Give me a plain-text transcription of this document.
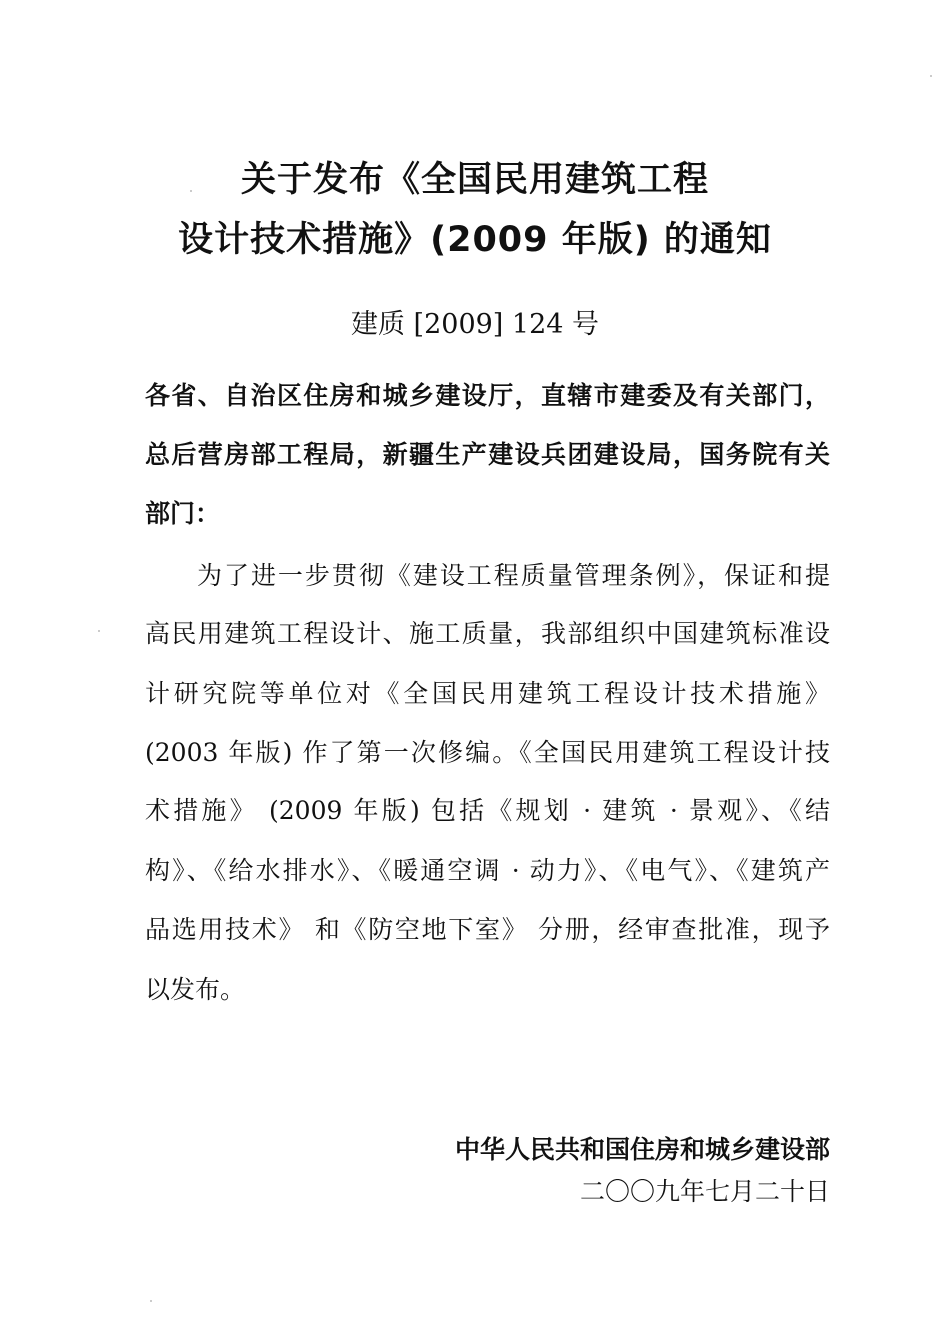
关于发布《全国民用建筑工程
设计技术措施》(2009 年版) 的通知
建质 [2009] 124 号
各省、自治区住房和城乡建设厅，直辖市建委及有关部门，
总后营房部工程局，新疆生产建设兵团建设局，国务院有关
部门：
为了进一步贯彻《建设工程质量管理条例》，保证和提
高民用建筑工程设计、施工质量，我部组织中国建筑标准设
计研究院等单位对《全国民用建筑工程设计技术措施》
(2003 年版) 作了第一次修编。《全国民用建筑工程设计技
术措施》 (2009 年版) 包括《规划 · 建筑 · 景观》、《结
构》、《给水排水》、《暖通空调 · 动力》、《电气》、《建筑产
品选用技术》 和《防空地下室》 分册，经审查批准，现予
以发布。
中华人民共和国住房和城乡建设部
二〇〇九年七月二十日
